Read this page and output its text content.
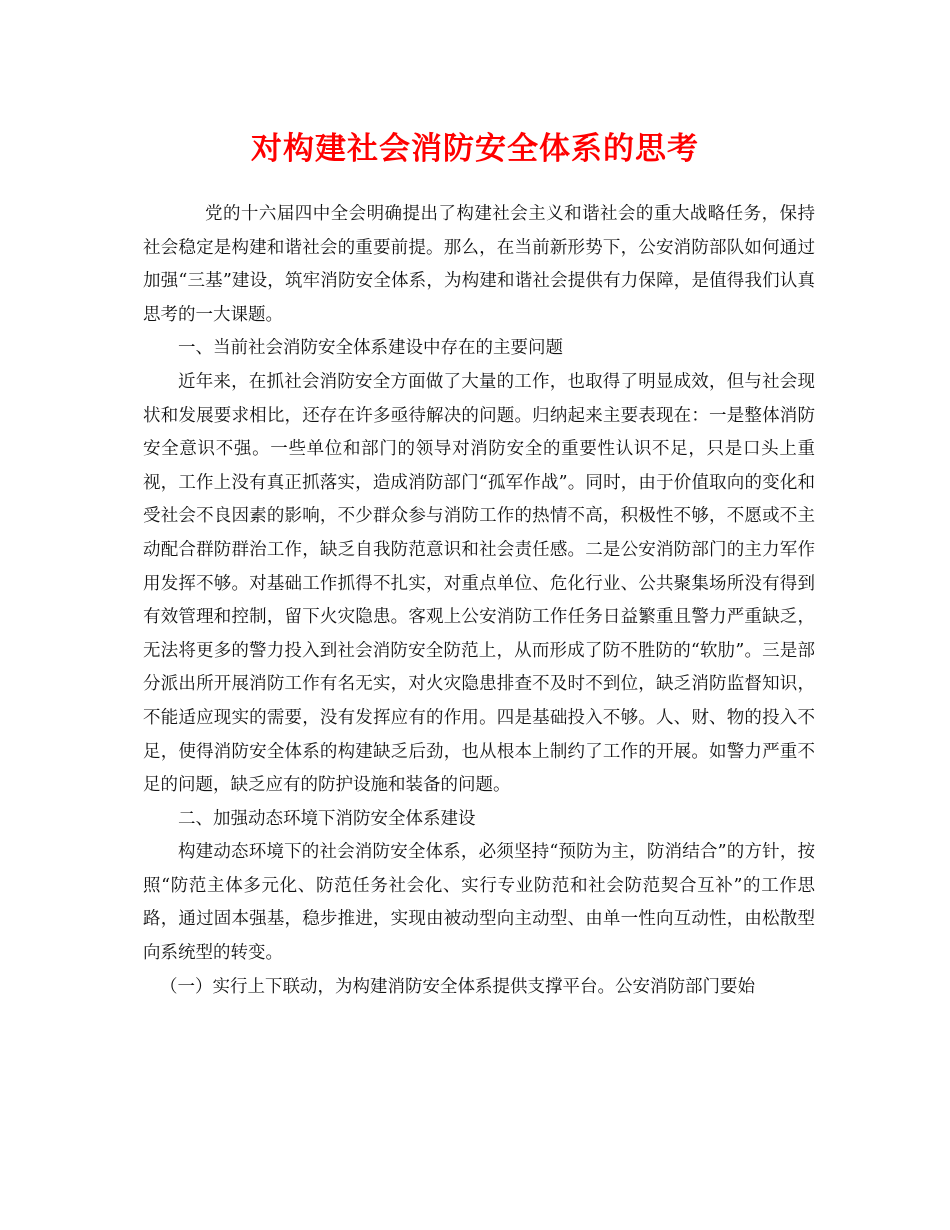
对构建社会消防安全体系的思考

党的十六届四中全会明确提出了构建社会主义和谐社会的重大战略任务，保持社会稳定是构建和谐社会的重要前提。那么，在当前新形势下，公安消防部队如何通过加强“三基”建设，筑牢消防安全体系，为构建和谐社会提供有力保障，是值得我们认真思考的一大课题。

一、当前社会消防安全体系建设中存在的主要问题

近年来，在抓社会消防安全方面做了大量的工作，也取得了明显成效，但与社会现状和发展要求相比，还存在许多亟待解决的问题。归纳起来主要表现在：一是整体消防安全意识不强。一些单位和部门的领导对消防安全的重要性认识不足，只是口头上重视，工作上没有真正抓落实，造成消防部门“孤军作战”。同时，由于价值取向的变化和受社会不良因素的影响，不少群众参与消防工作的热情不高，积极性不够，不愿或不主动配合群防群治工作，缺乏自我防范意识和社会责任感。二是公安消防部门的主力军作用发挥不够。对基础工作抓得不扎实，对重点单位、危化行业、公共聚集场所没有得到有效管理和控制，留下火灾隐患。客观上公安消防工作任务日益繁重且警力严重缺乏，无法将更多的警力投入到社会消防安全防范上，从而形成了防不胜防的“软肋”。三是部分派出所开展消防工作有名无实，对火灾隐患排查不及时不到位，缺乏消防监督知识，不能适应现实的需要，没有发挥应有的作用。四是基础投入不够。人、财、物的投入不足，使得消防安全体系的构建缺乏后劲，也从根本上制约了工作的开展。如警力严重不足的问题，缺乏应有的防护设施和装备的问题。

二、加强动态环境下消防安全体系建设

构建动态环境下的社会消防安全体系，必须坚持“预防为主，防消结合”的方针，按照“防范主体多元化、防范任务社会化、实行专业防范和社会防范契合互补”的工作思路，通过固本强基，稳步推进，实现由被动型向主动型、由单一性向互动性，由松散型向系统型的转变。

（一）实行上下联动，为构建消防安全体系提供支撑平台。公安消防部门要始
